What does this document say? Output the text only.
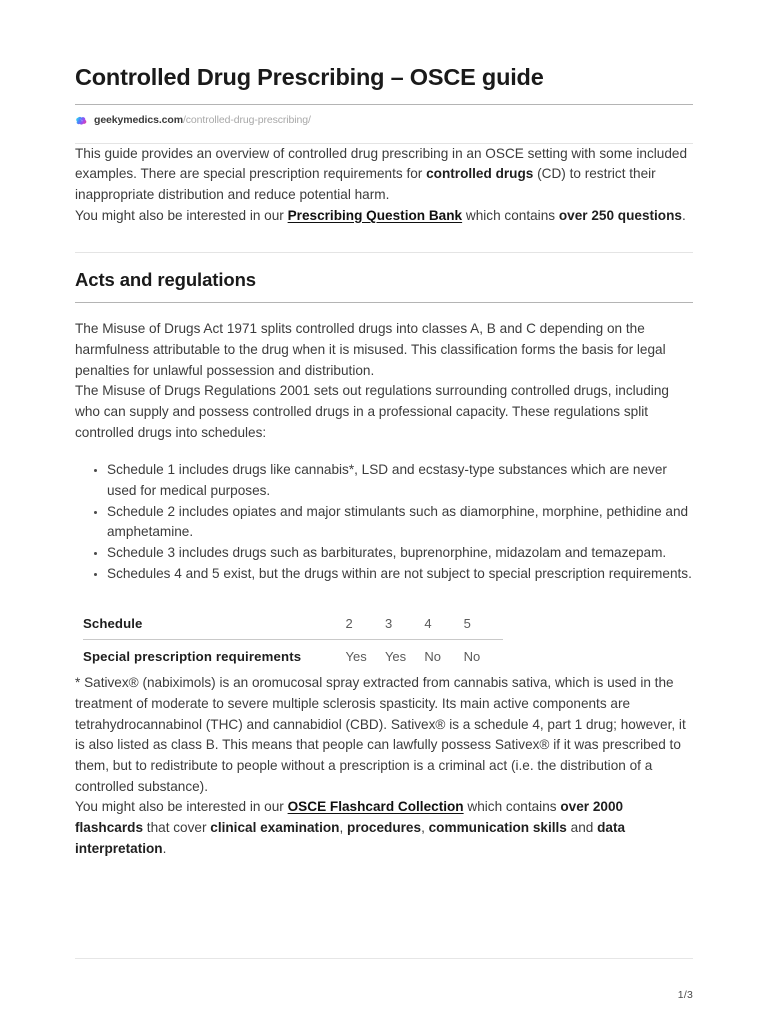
Controlled Drug Prescribing – OSCE guide
geekymedics.com /controlled-drug-prescribing/

This guide provides an overview of controlled drug prescribing in an OSCE setting with some included examples. There are special prescription requirements for controlled drugs (CD) to restrict their inappropriate distribution and reduce potential harm.

You might also be interested in our Prescribing Question Bank which contains over 250 questions.

Acts and regulations

The Misuse of Drugs Act 1971 splits controlled drugs into classes A, B and C depending on the harmfulness attributable to the drug when it is misused. This classification forms the basis for legal penalties for unlawful possession and distribution.

The Misuse of Drugs Regulations 2001 sets out regulations surrounding controlled drugs, including who can supply and possess controlled drugs in a professional capacity. These regulations split controlled drugs into schedules:

Schedule 1 includes drugs like cannabis*, LSD and ecstasy-type substances which are never used for medical purposes.
Schedule 2 includes opiates and major stimulants such as diamorphine, morphine, pethidine and amphetamine.
Schedule 3 includes drugs such as barbiturates, buprenorphine, midazolam and temazepam.
Schedules 4 and 5 exist, but the drugs within are not subject to special prescription requirements.
Schedule	2	3	4	5
Special prescription requirements	Yes	Yes	No	No

* Sativex® (nabiximols) is an oromucosal spray extracted from cannabis sativa, which is used in the treatment of moderate to severe multiple sclerosis spasticity. Its main active components are tetrahydrocannabinol (THC) and cannabidiol (CBD). Sativex® is a schedule 4, part 1 drug; however, it is also listed as class B. This means that people can lawfully possess Sativex® if it was prescribed to them, but to redistribute to people without a prescription is a criminal act (i.e. the distribution of a controlled substance).

You might also be interested in our OSCE Flashcard Collection which contains over 2000 flashcards that cover clinical examination, procedures, communication skills and data interpretation.

1/3
